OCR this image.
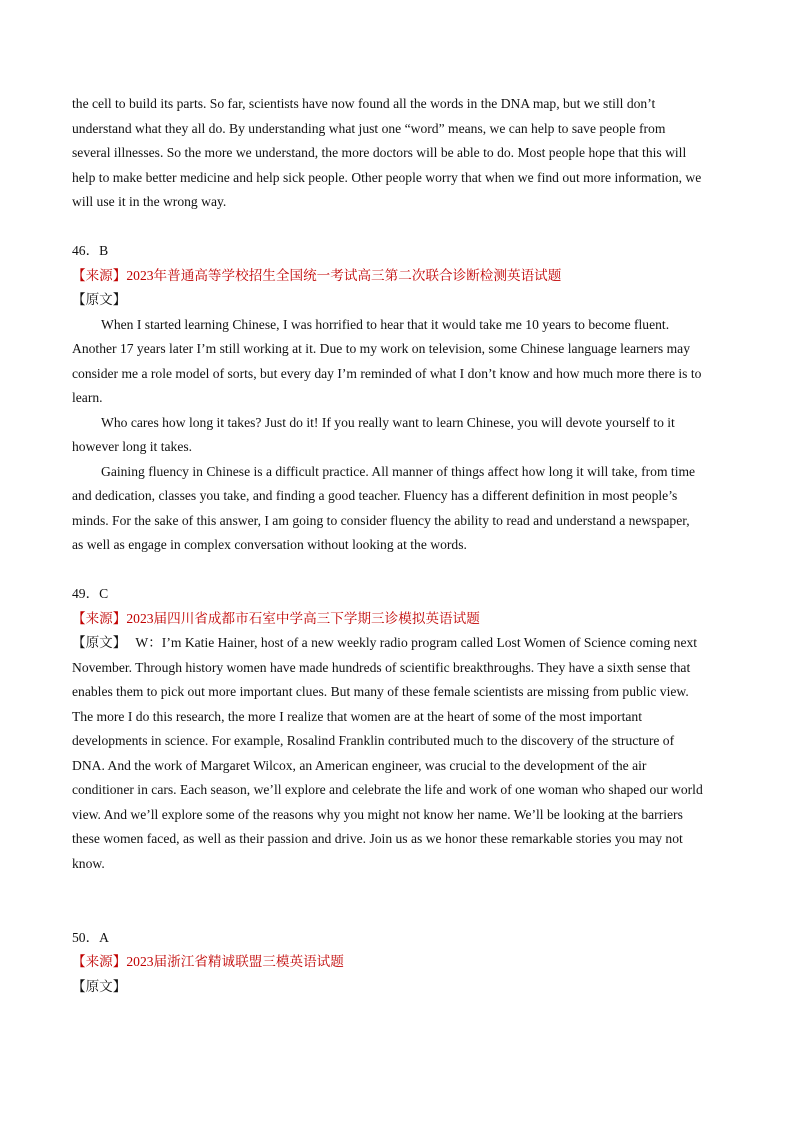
the cell to build its parts. So far, scientists have now found all the words in the DNA map, but we still don’t
understand what they all do. By understanding what just one “word” means, we can help to save people from
several illnesses. So the more we understand, the more doctors will be able to do. Most people hope that this will
help to make better medicine and help sick people. Other people worry that when we find out more information, we
will use it in the wrong way.
46．B
【来源】2023年普通高等学校招生全国统一考试高三第二次联合诊断检测英语试题
【原文】
When I started learning Chinese, I was horrified to hear that it would take me 10 years to become fluent.
Another 17 years later I’m still working at it. Due to my work on television, some Chinese language learners may
consider me a role model of sorts, but every day I’m reminded of what I don’t know and how much more there is to
learn.
Who cares how long it takes? Just do it! If you really want to learn Chinese, you will devote yourself to it
however long it takes.
Gaining fluency in Chinese is a difficult practice. All manner of things affect how long it will take, from time
and dedication, classes you take, and finding a good teacher. Fluency has a different definition in most people’s
minds. For the sake of this answer, I am going to consider fluency the ability to read and understand a newspaper,
as well as engage in complex conversation without looking at the words.
49．C
【来源】2023届四川省成都市石室中学高三下学期三诊模拟英语试题
【原文】 W：I’m Katie Hainer, host of a new weekly radio program called Lost Women of Science coming next
November. Through history women have made hundreds of scientific breakthroughs. They have a sixth sense that
enables them to pick out more important clues. But many of these female scientists are missing from public view.
The more I do this research, the more I realize that women are at the heart of some of the most important
developments in science. For example, Rosalind Franklin contributed much to the discovery of the structure of
DNA. And the work of Margaret Wilcox, an American engineer, was crucial to the development of the air
conditioner in cars. Each season, we’ll explore and celebrate the life and work of one woman who shaped our world
view. And we’ll explore some of the reasons why you might not know her name. We’ll be looking at the barriers
these women faced, as well as their passion and drive. Join us as we honor these remarkable stories you may not
know.
50．A
【来源】2023届浙江省精诚联盟三模英语试题
【原文】
